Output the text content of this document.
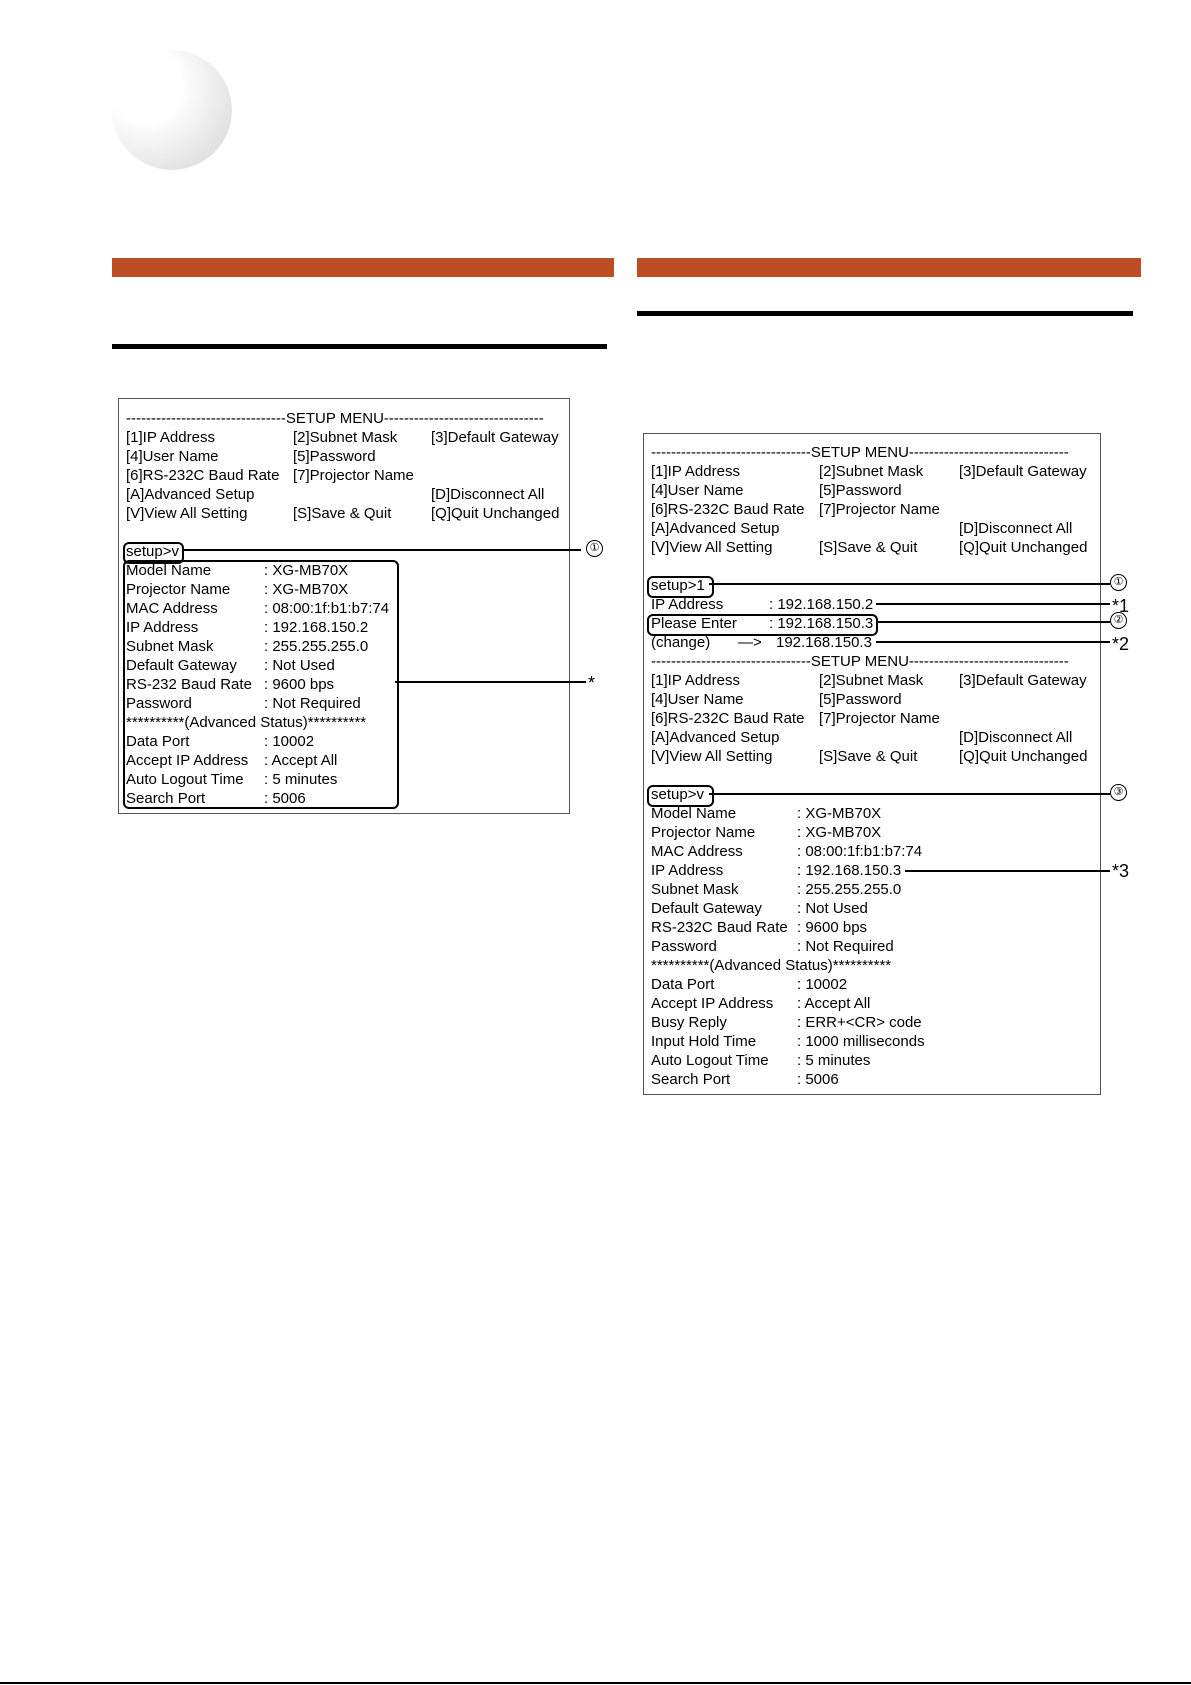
--------------------------------SETUP MENU--------------------------------
[1]IP Address	[2]Subnet Mask [3]Default Gateway
[4]User Name	[5]Password
[6]RS-232C Baud Rate [7]Projector Name
[A]Advanced Setup	[D]Disconnect All
[V]View All Setting	[S]Save & Quit	[Q]Quit Unchanged
setup>v
Model Name	: XG-MB70X
Projector Name : XG-MB70X
MAC Address	: 08:00:1f:b1:b7:74
IP Address	: 192.168.150.2
Subnet Mask	: 255.255.255.0
Default Gateway : Not Used
RS-232 Baud Rate : 9600 bps
Password	: Not Required
**********(Advanced Status)**********
Data Port	: 10002
Accept IP Address : Accept All
Auto Logout Time : 5 minutes
Search Port	: 5006
①
*
--------------------------------SETUP MENU--------------------------------
[1]IP Address	[2]Subnet Mask [3]Default Gateway
[4]User Name	[5]Password
[6]RS-232C Baud Rate [7]Projector Name
[A]Advanced Setup	[D]Disconnect All
[V]View All Setting	[S]Save & Quit	[Q]Quit Unchanged
setup>1
IP Address	: 192.168.150.2
Please Enter : 192.168.150.3
(change) —> 192.168.150.3
--------------------------------SETUP MENU--------------------------------
[1]IP Address	[2]Subnet Mask [3]Default Gateway
[4]User Name	[5]Password
[6]RS-232C Baud Rate [7]Projector Name
[A]Advanced Setup	[D]Disconnect All
[V]View All Setting	[S]Save & Quit	[Q]Quit Unchanged
setup>v
Model Name	: XG-MB70X
Projector Name	: XG-MB70X
MAC Address	: 08:00:1f:b1:b7:74
IP Address	: 192.168.150.3
Subnet Mask	: 255.255.255.0
Default Gateway : Not Used
RS-232C Baud Rate : 9600 bps
Password	: Not Required
**********(Advanced Status)**********
Data Port	: 10002
Accept IP Address : Accept All
Busy Reply	: ERR+<CR> code
Input Hold Time	: 1000 milliseconds
Auto Logout Time : 5 minutes
Search Port	: 5006
①
*1
②
*2
③
*3
